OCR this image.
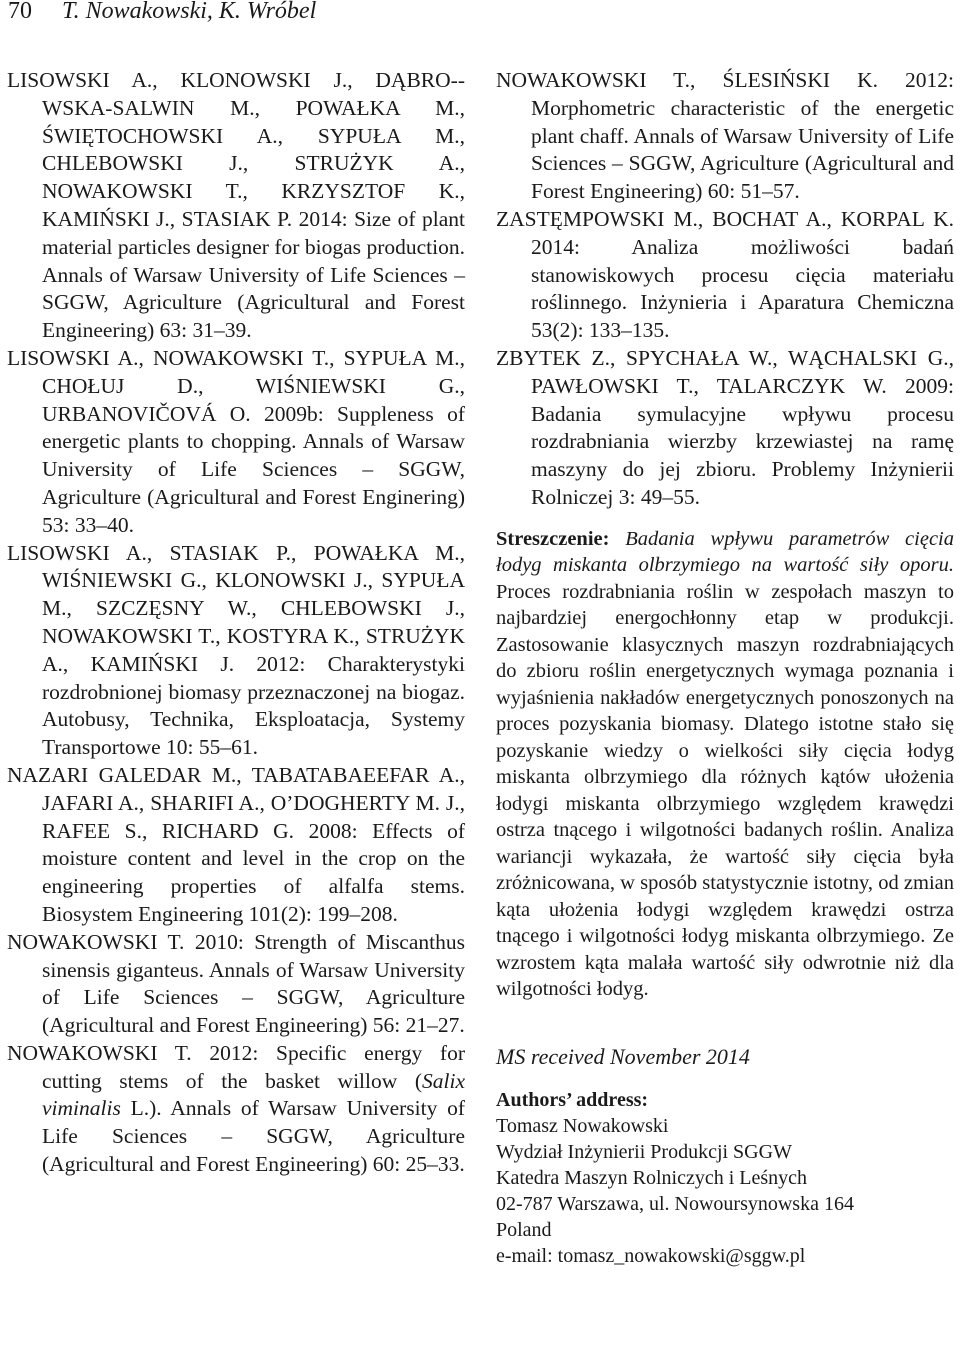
70 T. Nowakowski, K. Wróbel

LISOWSKI A., KLONOWSKI J., DĄBRO--WSKA-SALWIN M., POWAŁKA M., ŚWIĘTOCHOWSKI A., SYPUŁA M., CHLEBOWSKI J., STRUŻYK A., NOWAKOWSKI T., KRZYSZTOF K., KAMIŃSKI J., STASIAK P. 2014: Size of plant material particles designer for biogas production. Annals of Warsaw University of Life Sciences – SGGW, Agriculture (Agricultural and Forest Engineering) 63: 31–39.

LISOWSKI A., NOWAKOWSKI T., SYPUŁA M., CHOŁUJ D., WIŚNIEWSKI G., URBANOVIČOVÁ O. 2009b: Suppleness of energetic plants to chopping. Annals of Warsaw University of Life Sciences – SGGW, Agriculture (Agricultural and Forest Enginering) 53: 33–40.

LISOWSKI A., STASIAK P., POWAŁKA M., WIŚNIEWSKI G., KLONOWSKI J., SYPUŁA M., SZCZĘSNY W., CHLEBOWSKI J., NOWAKOWSKI T., KOSTYRA K., STRUŻYK A., KAMIŃSKI J. 2012: Charakterystyki rozdrobnionej biomasy przeznaczonej na biogaz. Autobusy, Technika, Eksploatacja, Systemy Transportowe 10: 55–61.

NAZARI GALEDAR M., TABATABAEEFAR A., JAFARI A., SHARIFI A., O’DOGHERTY M. J., RAFEE S., RICHARD G. 2008: Effects of moisture content and level in the crop on the engineering properties of alfalfa stems. Biosystem Engineering 101(2): 199–208.

NOWAKOWSKI T. 2010: Strength of Miscanthus sinensis giganteus. Annals of Warsaw University of Life Sciences – SGGW, Agriculture (Agricultural and Forest Engineering) 56: 21–27.

NOWAKOWSKI T. 2012: Specific energy for cutting stems of the basket willow (Salix viminalis L.). Annals of Warsaw University of Life Sciences – SGGW, Agriculture (Agricultural and Forest Engineering) 60: 25–33.

NOWAKOWSKI T., ŚLESIŃSKI K. 2012: Morphometric characteristic of the energetic plant chaff. Annals of Warsaw University of Life Sciences – SGGW, Agriculture (Agricultural and Forest Engineering) 60: 51–57.

ZASTĘMPOWSKI M., BOCHAT A., KORPAL K. 2014: Analiza możliwości badań stanowiskowych procesu cięcia materiału roślinnego. Inżynieria i Aparatura Chemiczna 53(2): 133–135.

ZBYTEK Z., SPYCHAŁA W., WĄCHALSKI G., PAWŁOWSKI T., TALARCZYK W. 2009: Badania symulacyjne wpływu procesu rozdrabniania wierzby krzewiastej na ramę maszyny do jej zbioru. Problemy Inżynierii Rolniczej 3: 49–55.

Streszczenie: Badania wpływu parametrów cięcia łodyg miskanta olbrzymiego na wartość siły oporu. Proces rozdrabniania roślin w zespołach maszyn to najbardziej energochłonny etap w produkcji. Zastosowanie klasycznych maszyn rozdrabniających do zbioru roślin energetycznych wymaga poznania i wyjaśnienia nakładów energetycznych ponoszonych na proces pozyskania biomasy. Dlatego istotne stało się pozyskanie wiedzy o wielkości siły cięcia łodyg miskanta olbrzymiego dla różnych kątów ułożenia łodygi miskanta olbrzymiego względem krawędzi ostrza tnącego i wilgotności badanych roślin. Analiza wariancji wykazała, że wartość siły cięcia była zróżnicowana, w sposób statystycznie istotny, od zmian kąta ułożenia łodygi względem krawędzi ostrza tnącego i wilgotności łodyg miskanta olbrzymiego. Ze wzrostem kąta malała wartość siły odwrotnie niż dla wilgotności łodyg.

MS received November 2014

Authors’ address:
Tomasz Nowakowski
Wydział Inżynierii Produkcji SGGW
Katedra Maszyn Rolniczych i Leśnych
02-787 Warszawa, ul. Nowoursynowska 164
Poland
e-mail: tomasz_nowakowski@sggw.pl
